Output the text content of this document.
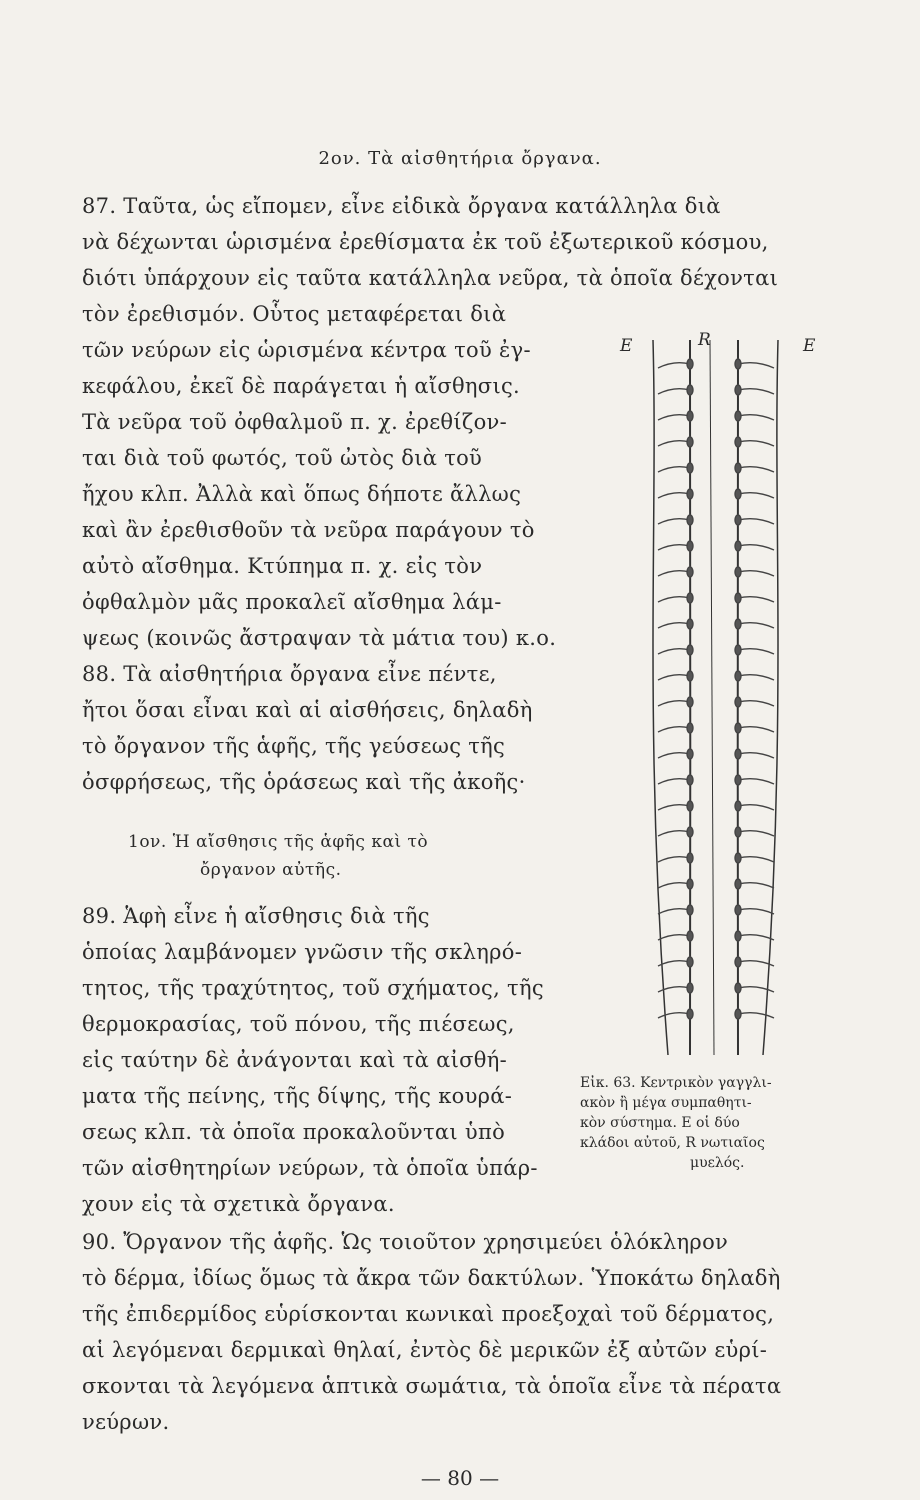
2ον. Τὰ αἰσθητήρια ὄργανα.
87. Ταῦτα, ὡς εἴπομεν, εἶνε εἰδικὰ ὄργανα κατάλληλα διὰ
νὰ δέχωνται ὡρισμένα ἐρεθίσματα ἐκ τοῦ ἐξωτερικοῦ κόσμου,
διότι ὑπάρχουν εἰς ταῦτα κατάλληλα νεῦρα, τὰ ὁποῖα δέχονται
τὸν ἐρεθισμόν. Οὗτος μεταφέρεται διὰ
τῶν νεύρων εἰς ὡρισμένα κέντρα τοῦ ἐγ-
κεφάλου, ἐκεῖ δὲ παράγεται ἡ αἴσθησις.
Τὰ νεῦρα τοῦ ὀφθαλμοῦ π. χ. ἐρεθίζον-
ται διὰ τοῦ φωτός, τοῦ ὠτὸς διὰ τοῦ
ἤχου κλπ. Ἀλλὰ καὶ ὅπως δήποτε ἄλλως
καὶ ἂν ἐρεθισθοῦν τὰ νεῦρα παράγουν τὸ
αὐτὸ αἴσθημα. Κτύπημα π. χ. εἰς τὸν
ὀφθαλμὸν μᾶς προκαλεῖ αἴσθημα λάμ-
ψεως (κοινῶς ἄστραψαν τὰ μάτια του) κ.ο.
88. Τὰ αἰσθητήρια ὄργανα εἶνε πέντε,
ἤτοι ὅσαι εἶναι καὶ αἱ αἰσθήσεις, δηλαδὴ
τὸ ὄργανον τῆς ἁφῆς, τῆς γεύσεως τῆς
ὀσφρήσεως, τῆς ὁράσεως καὶ τῆς ἀκοῆς·
1ον. Ἡ αἴσθησις τῆς ἁφῆς καὶ τὸ
ὄργανον αὐτῆς.
89. Ἁφὴ εἶνε ἡ αἴσθησις διὰ τῆς
ὁποίας λαμβάνομεν γνῶσιν τῆς σκληρό-
τητος, τῆς τραχύτητος, τοῦ σχήματος, τῆς
θερμοκρασίας, τοῦ πόνου, τῆς πιέσεως,
εἰς ταύτην δὲ ἀνάγονται καὶ τὰ αἰσθή-
ματα τῆς πείνης, τῆς δίψης, τῆς κουρά-
σεως κλπ. τὰ ὁποῖα προκαλοῦνται ὑπὸ
τῶν αἰσθητηρίων νεύρων, τὰ ὁποῖα ὑπάρ-
χουν εἰς τὰ σχετικὰ ὄργανα.
E	R	E
Εἰκ. 63. Κεντρικὸν γαγγλι-
ακὸν ἢ μέγα συμπαθητι-
κὸν σύστημα. E οἱ δύο
κλάδοι αὐτοῦ, R νωτιαῖος
μυελός.
90. Ὄργανον τῆς ἁφῆς. Ὡς τοιοῦτον χρησιμεύει ὁλόκληρον
τὸ δέρμα, ἰδίως ὅμως τὰ ἄκρα τῶν δακτύλων. Ὑποκάτω δηλαδὴ
τῆς ἐπιδερμίδος εὑρίσκονται κωνικαὶ προεξοχαὶ τοῦ δέρματος,
αἱ λεγόμεναι δερμικαὶ θηλαί, ἐντὸς δὲ μερικῶν ἐξ αὐτῶν εὑρί-
σκονται τὰ λεγόμενα ἁπτικὰ σωμάτια, τὰ ὁποῖα εἶνε τὰ πέρατα
νεύρων.
— 80 —
